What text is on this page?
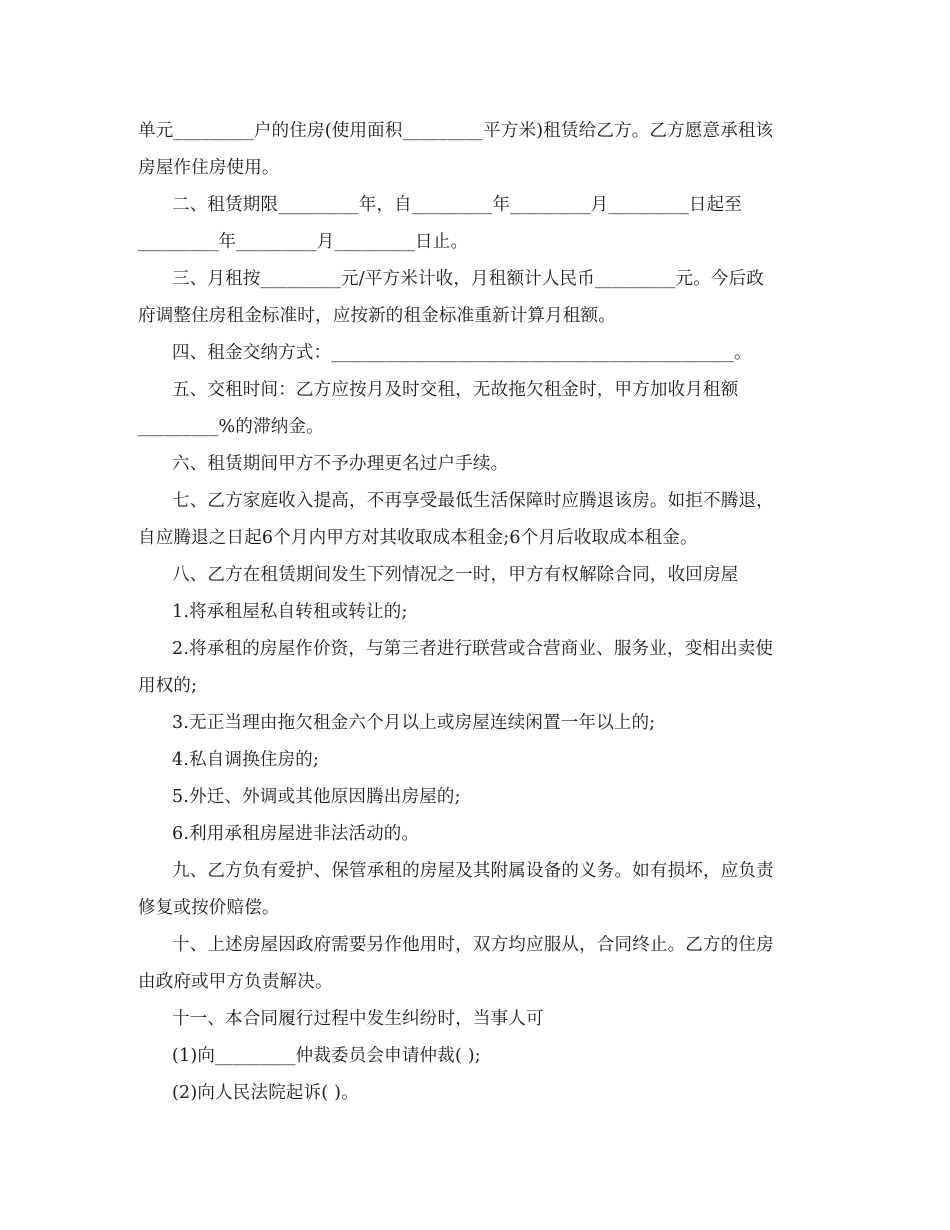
单元_________户的住房(使用面积_________平方米)租赁给乙方。乙方愿意承租该
房屋作住房使用。
二、租赁期限_________年，自_________年_________月_________日起至
_________年_________月_________日止。
三、月租按_________元/平方米计收，月租额计人民币_________元。今后政
府调整住房租金标准时，应按新的租金标准重新计算月租额。
四、租金交纳方式：_____________________________________________。
五、交租时间：乙方应按月及时交租，无故拖欠租金时，甲方加收月租额
_________%的滞纳金。
六、租赁期间甲方不予办理更名过户手续。
七、乙方家庭收入提高，不再享受最低生活保障时应腾退该房。如拒不腾退，
自应腾退之日起6个月内甲方对其收取成本租金;6个月后收取成本租金。
八、乙方在租赁期间发生下列情况之一时，甲方有权解除合同，收回房屋
1.将承租屋私自转租或转让的;
2.将承租的房屋作价资，与第三者进行联营或合营商业、服务业，变相出卖使
用权的;
3.无正当理由拖欠租金六个月以上或房屋连续闲置一年以上的;
4.私自调换住房的;
5.外迁、外调或其他原因腾出房屋的;
6.利用承租房屋进非法活动的。
九、乙方负有爱护、保管承租的房屋及其附属设备的义务。如有损坏，应负责
修复或按价赔偿。
十、上述房屋因政府需要另作他用时，双方均应服从，合同终止。乙方的住房
由政府或甲方负责解决。
十一、本合同履行过程中发生纠纷时，当事人可
(1)向_________仲裁委员会申请仲裁( );
(2)向人民法院起诉( )。
